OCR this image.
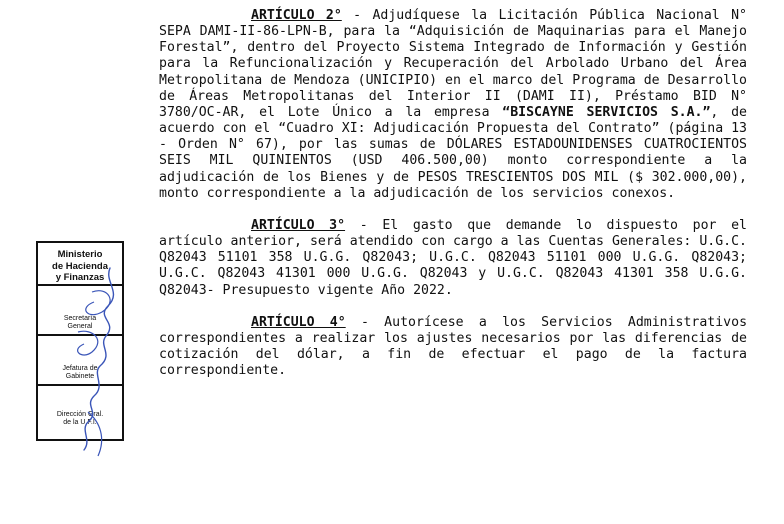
ARTÍCULO 2° - Adjudíquese la Licitación Pública Nacional N° SEPA DAMI-II-86-LPN-B, para la “Adquisición de Maquinarias para el Manejo Forestal”, dentro del Proyecto Sistema Integrado de Información y Gestión para la Refuncionalización y Recuperación del Arbolado Urbano del Área Metropolitana de Mendoza (UNICIPIO) en el marco del Programa de Desarrollo de Áreas Metropolitanas del Interior II (DAMI II), Préstamo BID N° 3780/OC-AR, el Lote Único a la empresa “BISCAYNE SERVICIOS S.A.”, de acuerdo con el “Cuadro XI: Adjudicación Propuesta del Contrato” (página 13 - Orden N° 67), por las sumas de DÓLARES ESTADOUNIDENSES CUATROCIENTOS SEIS MIL QUINIENTOS (USD 406.500,00) monto correspondiente a la adjudicación de los Bienes y de PESOS TRESCIENTOS DOS MIL ($ 302.000,00), monto correspondiente a la adjudicación de los servicios conexos.

ARTÍCULO 3° - El gasto que demande lo dispuesto por el artículo anterior, será atendido con cargo a las Cuentas Generales: U.G.C. Q82043 51101 358 U.G.G. Q82043; U.G.C. Q82043 51101 000 U.G.G. Q82043; U.G.C. Q82043 41301 000 U.G.G. Q82043 y U.G.C. Q82043 41301 358 U.G.G. Q82043- Presupuesto vigente Año 2022.

ARTÍCULO 4° - Autorícese a los Servicios Administrativos correspondientes a realizar los ajustes necesarios por las diferencias de cotización del dólar, a fin de efectuar el pago de la factura correspondiente.

Ministerio
de Hacienda
y Finanzas
Secretaría
General
Jefatura de
Gabinete
Dirección Gral.
de la U.F.I.
